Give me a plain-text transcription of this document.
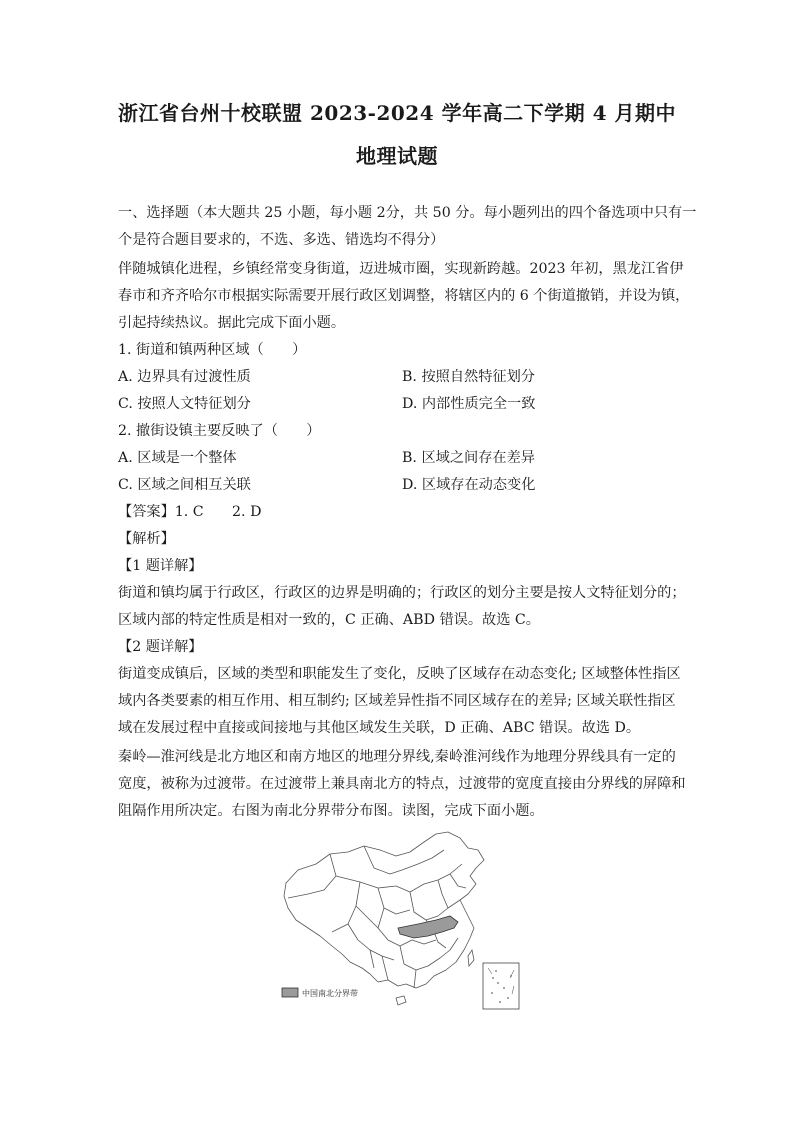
浙江省台州十校联盟 2023-2024 学年高二下学期 4 月期中
地理试题
一、选择题（本大题共 25 小题，每小题 2分，共 50 分。每小题列出的四个备选项中只有一
个是符合题目要求的，不选、多选、错选均不得分）
伴随城镇化进程，乡镇经常变身街道，迈进城市圈，实现新跨越。2023 年初，黑龙江省伊
春市和齐齐哈尔市根据实际需要开展行政区划调整，将辖区内的 6 个街道撤销，并设为镇，
引起持续热议。据此完成下面小题。
1. 街道和镇两种区域（　　）
A. 边界具有过渡性质	B. 按照自然特征划分
C. 按照人文特征划分	D. 内部性质完全一致
2. 撤街设镇主要反映了（　　）
A. 区域是一个整体	B. 区域之间存在差异
C. 区域之间相互关联	D. 区域存在动态变化
【答案】1. C　　2. D
【解析】
【1 题详解】
街道和镇均属于行政区，行政区的边界是明确的；行政区的划分主要是按人文特征划分的；
区域内部的特定性质是相对一致的，C 正确、ABD 错误。故选 C。
【2 题详解】
街道变成镇后，区域的类型和职能发生了变化，反映了区域存在动态变化; 区域整体性指区
域内各类要素的相互作用、相互制约; 区域差异性指不同区域存在的差异; 区域关联性指区
域在发展过程中直接或间接地与其他区域发生关联，D 正确、ABC 错误。故选 D。
秦岭—淮河线是北方地区和南方地区的地理分界线,秦岭淮河线作为地理分界线具有一定的
宽度，被称为过渡带。在过渡带上兼具南北方的特点，过渡带的宽度直接由分界线的屏障和
阻隔作用所决定。右图为南北分界带分布图。读图，完成下面小题。
中国南北分界带
